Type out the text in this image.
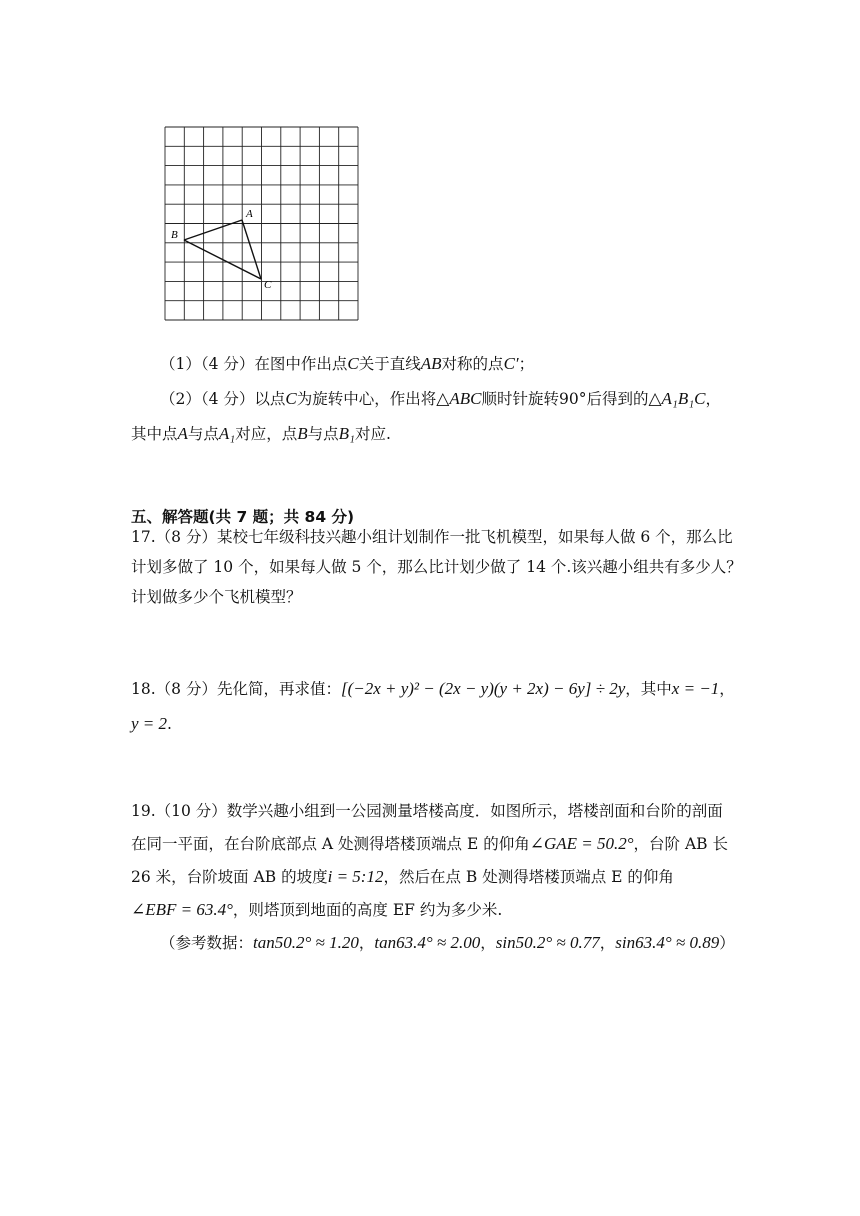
A
B
C
（1）（4 分）在图中作出点C关于直线AB对称的点C′；
（2）（4 分）以点C为旋转中心，作出将△ABC顺时针旋转90°后得到的△A₁B₁C，
其中点A与点A₁对应，点B与点B₁对应.
五、解答题(共 7 题；共 84 分)
17.（8 分）某校七年级科技兴趣小组计划制作一批飞机模型，如果每人做 6 个，那么比
计划多做了 10 个，如果每人做 5 个，那么比计划少做了 14 个.该兴趣小组共有多少人？
计划做多少个飞机模型？
18.（8 分）先化简，再求值：[(−2x + y)² − (2x − y)(y + 2x) − 6y] ÷ 2y，其中x = −1，
y = 2.
19.（10 分）数学兴趣小组到一公园测量塔楼高度．如图所示，塔楼剖面和台阶的剖面
在同一平面，在台阶底部点 A 处测得塔楼顶端点 E 的仰角∠GAE = 50.2°，台阶 AB 长
26 米，台阶坡面 AB 的坡度i = 5:12，然后在点 B 处测得塔楼顶端点 E 的仰角
∠EBF = 63.4°，则塔顶到地面的高度 EF 约为多少米.
（参考数据：tan50.2° ≈ 1.20，tan63.4° ≈ 2.00，sin50.2° ≈ 0.77，sin63.4° ≈ 0.89）
